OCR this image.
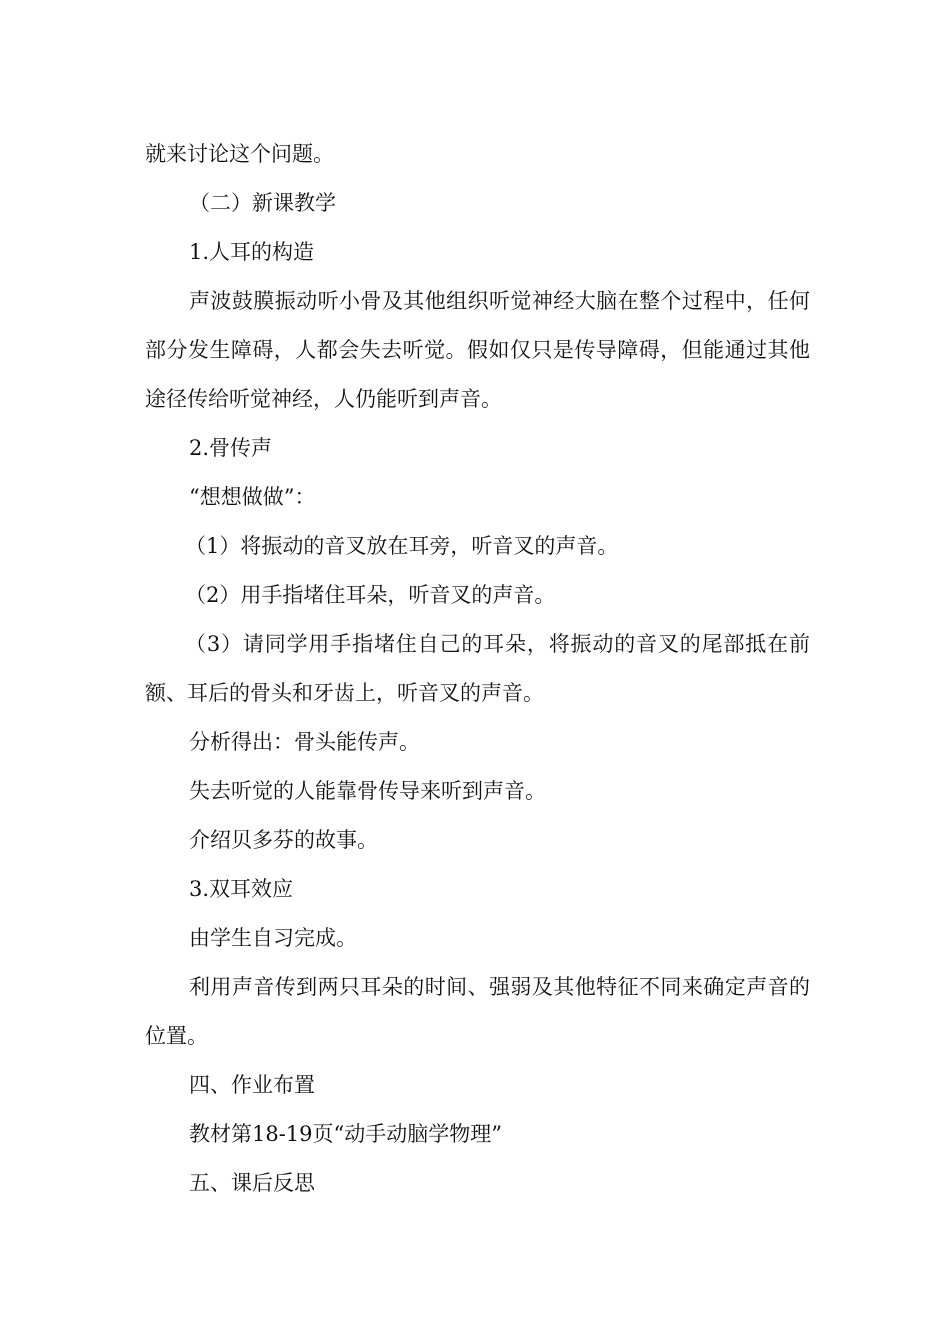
就来讨论这个问题。

（二）新课教学

1.人耳的构造

声波鼓膜振动听小骨及其他组织听觉神经大脑在整个过程中，任何部分发生障碍，人都会失去听觉。假如仅只是传导障碍，但能通过其他途径传给听觉神经，人仍能听到声音。

2.骨传声

“想想做做”：

（1）将振动的音叉放在耳旁，听音叉的声音。

（2）用手指堵住耳朵，听音叉的声音。

（3）请同学用手指堵住自己的耳朵，将振动的音叉的尾部抵在前额、耳后的骨头和牙齿上，听音叉的声音。

分析得出：骨头能传声。

失去听觉的人能靠骨传导来听到声音。

介绍贝多芬的故事。

3.双耳效应

由学生自习完成。

利用声音传到两只耳朵的时间、强弱及其他特征不同来确定声音的位置。

四、作业布置

教材第18-19页“动手动脑学物理”

五、课后反思
